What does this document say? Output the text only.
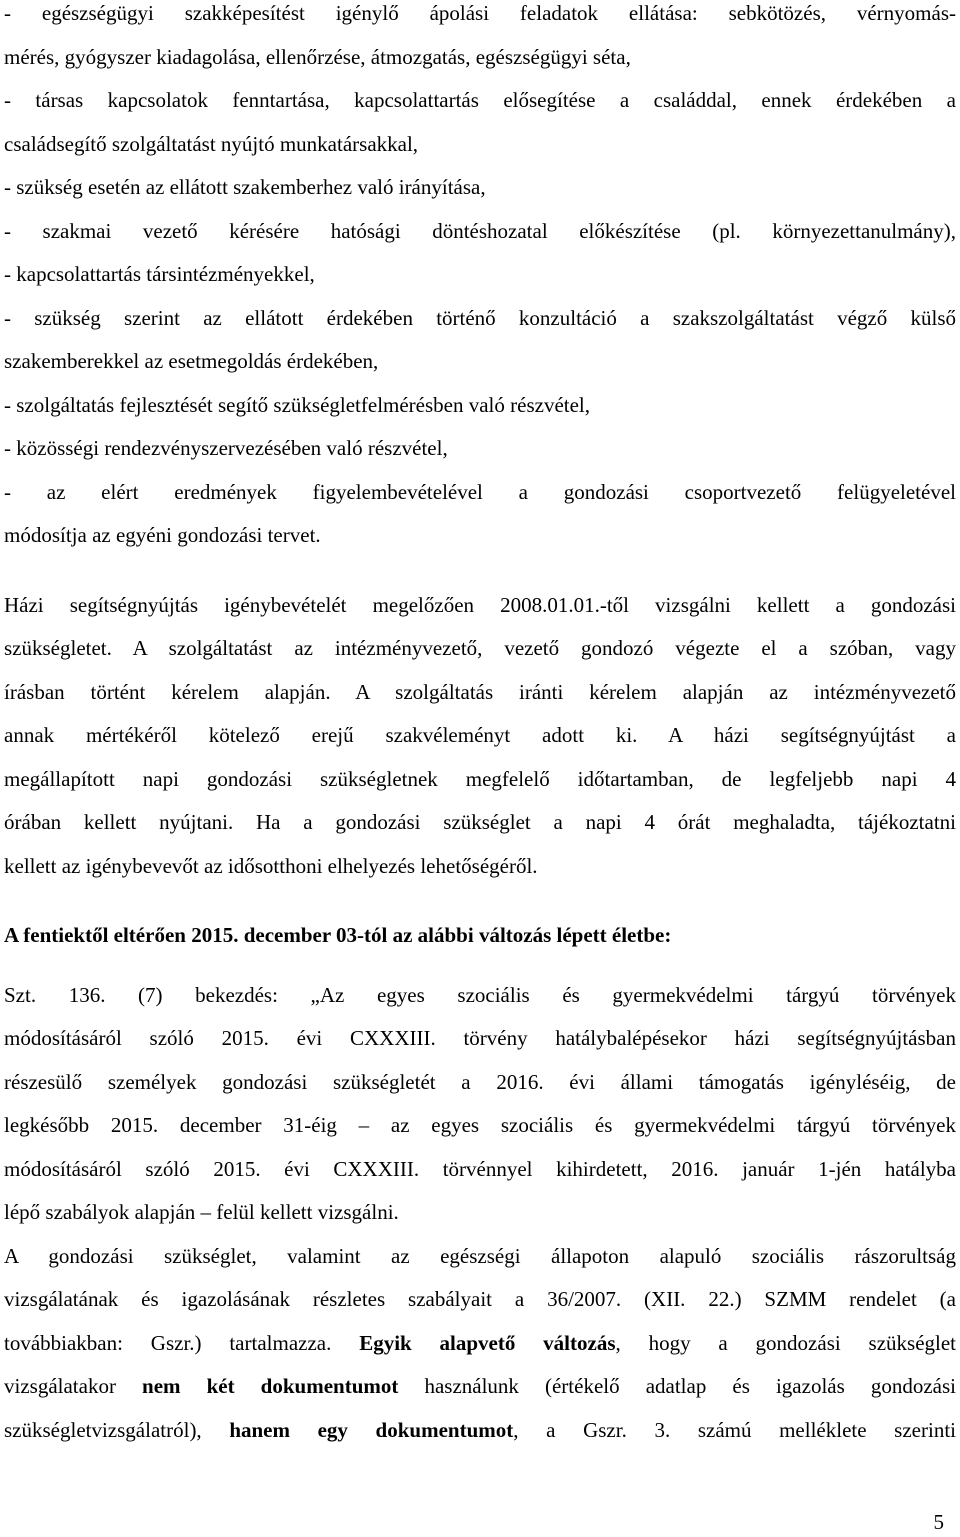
- egészségügyi szakképesítést igénylő ápolási feladatok ellátása: sebkötözés, vérnyomás-
mérés, gyógyszer kiadagolása, ellenőrzése, átmozgatás, egészségügyi séta,
- társas kapcsolatok fenntartása, kapcsolattartás elősegítése a családdal, ennek érdekében a
családsegítő szolgáltatást nyújtó munkatársakkal,
- szükség esetén az ellátott szakemberhez való irányítása,
- szakmai vezető kérésére hatósági döntéshozatal előkészítése (pl. környezettanulmány),
- kapcsolattartás társintézményekkel,
- szükség szerint az ellátott érdekében történő konzultáció a szakszolgáltatást végző külső
szakemberekkel az esetmegoldás érdekében,
- szolgáltatás fejlesztését segítő szükségletfelmérésben való részvétel,
- közösségi rendezvényszervezésében való részvétel,
- az elért eredmények figyelembevételével a gondozási csoportvezető felügyeletével
módosítja az egyéni gondozási tervet.
Házi segítségnyújtás igénybevételét megelőzően 2008.01.01.-től vizsgálni kellett a gondozási
szükségletet. A szolgáltatást az intézményvezető, vezető gondozó végezte el a szóban, vagy
írásban történt kérelem alapján. A szolgáltatás iránti kérelem alapján az intézményvezető
annak mértékéről kötelező erejű szakvéleményt adott ki. A házi segítségnyújtást a
megállapított napi gondozási szükségletnek megfelelő időtartamban, de legfeljebb napi 4
órában kellett nyújtani. Ha a gondozási szükséglet a napi 4 órát meghaladta, tájékoztatni
kellett az igénybevevőt az idősotthoni elhelyezés lehetőségéről.
A fentiektől eltérően 2015. december 03-tól az alábbi változás lépett életbe:
Szt. 136. (7) bekezdés: „Az egyes szociális és gyermekvédelmi tárgyú törvények
módosításáról szóló 2015. évi CXXXIII. törvény hatálybalépésekor házi segítségnyújtásban
részesülő személyek gondozási szükségletét a 2016. évi állami támogatás igényléséig, de
legkésőbb 2015. december 31-éig – az egyes szociális és gyermekvédelmi tárgyú törvények
módosításáról szóló 2015. évi CXXXIII. törvénnyel kihirdetett, 2016. január 1-jén hatályba
lépő szabályok alapján – felül kellett vizsgálni.
A gondozási szükséglet, valamint az egészségi állapoton alapuló szociális rászorultság
vizsgálatának és igazolásának részletes szabályait a 36/2007. (XII. 22.) SZMM rendelet (a
továbbiakban: Gszr.) tartalmazza. Egyik alapvető változás, hogy a gondozási szükséglet
vizsgálatakor nem két dokumentumot használunk (értékelő adatlap és igazolás gondozási
szükségletvizsgálatról), hanem egy dokumentumot, a Gszr. 3. számú melléklete szerinti
5
